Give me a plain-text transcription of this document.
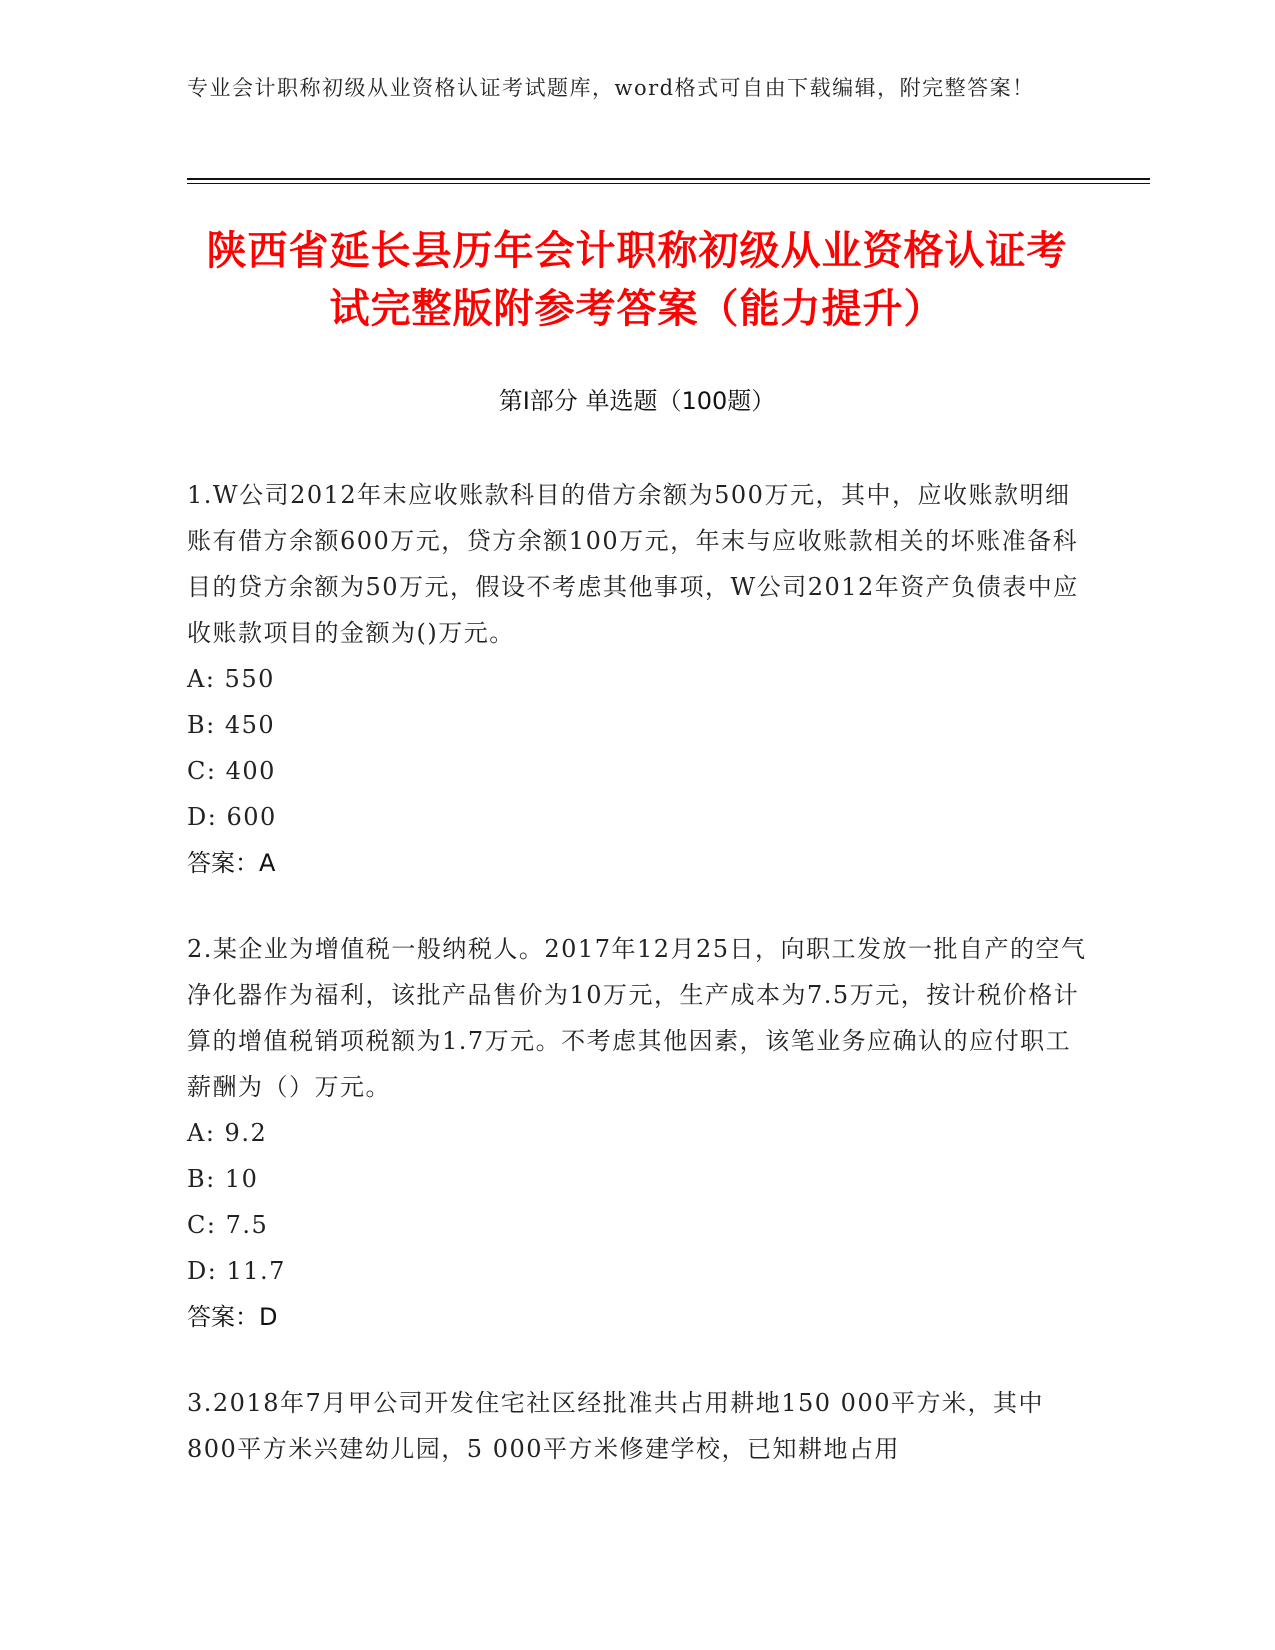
专业会计职称初级从业资格认证考试题库，word格式可自由下载编辑，附完整答案！
陕西省延长县历年会计职称初级从业资格认证考试完整版附参考答案（能力提升）
第Ⅰ部分 单选题（100题）

1.W公司2012年末应收账款科目的借方余额为500万元，其中，应收账款明细账有借方余额600万元，贷方余额100万元，年末与应收账款相关的坏账准备科目的贷方余额为50万元，假设不考虑其他事项，W公司2012年资产负债表中应收账款项目的金额为()万元。

A: 550

B: 450

C: 400

D: 600

答案：A

2.某企业为增值税一般纳税人。2017年12月25日，向职工发放一批自产的空气净化器作为福利，该批产品售价为10万元，生产成本为7.5万元，按计税价格计算的增值税销项税额为1.7万元。不考虑其他因素，该笔业务应确认的应付职工薪酬为（）万元。

A: 9.2

B: 10

C: 7.5

D: 11.7

答案：D

3.2018年7月甲公司开发住宅社区经批准共占用耕地150 000平方米，其中800平方米兴建幼儿园，5 000平方米修建学校，已知耕地占用
